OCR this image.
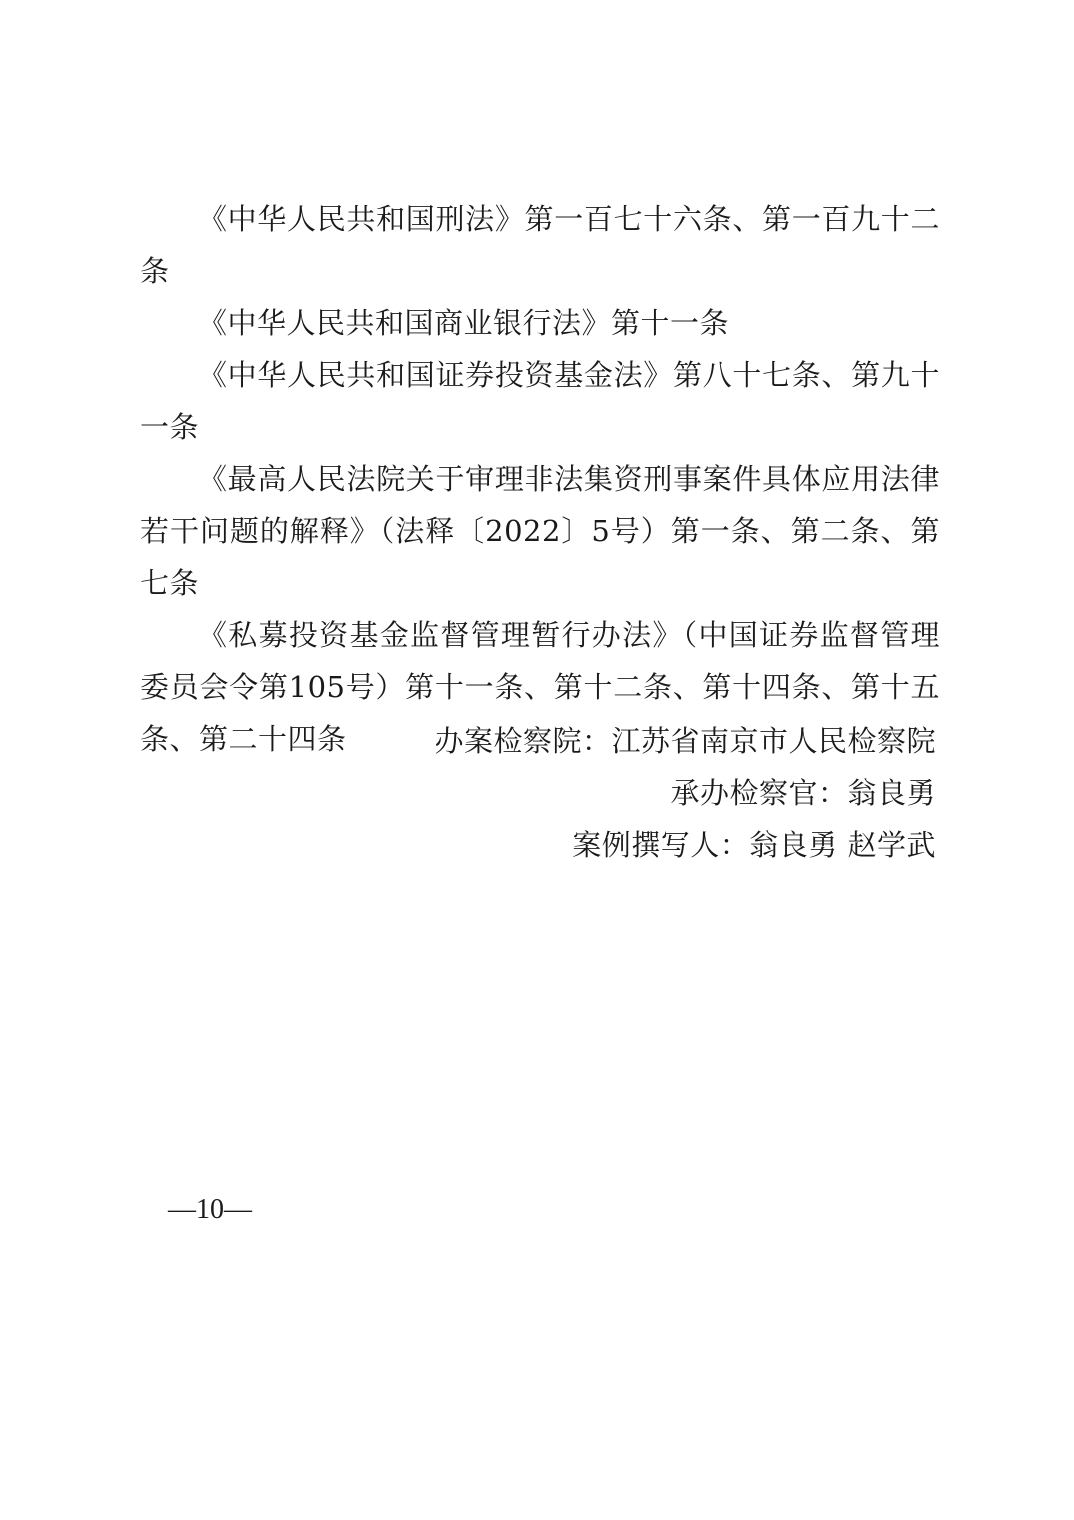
《中华人民共和国刑法》第一百七十六条、第一百九十二条

《中华人民共和国商业银行法》第十一条

《中华人民共和国证券投资基金法》第八十七条、第九十一条

《最高人民法院关于审理非法集资刑事案件具体应用法律若干问题的解释》（法释〔2022〕5号）第一条、第二条、第七条

《私募投资基金监督管理暂行办法》（中国证券监督管理委员会令第105号）第十一条、第十二条、第十四条、第十五条、第二十四条	办案检察院：江苏省南京市人民检察院
承办检察官：翁良勇
案例撰写人：翁良勇 赵学武
—10—
